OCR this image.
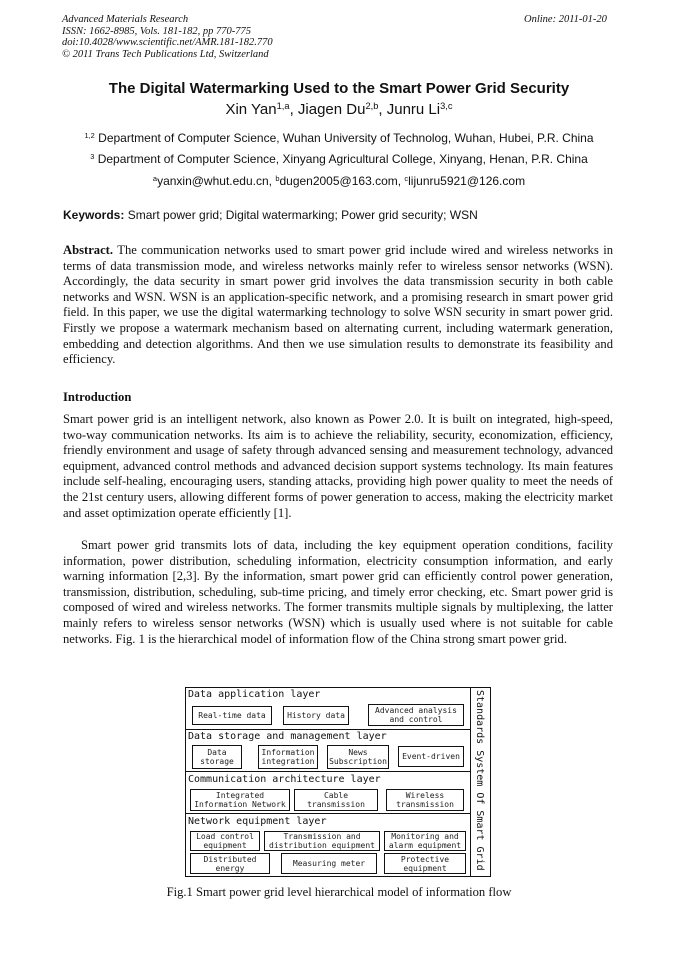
Advanced Materials Research
ISSN: 1662-8985, Vols. 181-182, pp 770-775
doi:10.4028/www.scientific.net/AMR.181-182.770
© 2011 Trans Tech Publications Ltd, Switzerland
Online: 2011-01-20
The Digital Watermarking Used to the Smart Power Grid Security
Xin Yan$^{1,a}$, Jiagen Du$^{2,b}$, Junru Li$^{3,c}$
$^{1,2}$ Department of Computer Science, Wuhan University of Technolog, Wuhan, Hubei, P.R. China
$^3$ Department of Computer Science, Xinyang Agricultural College, Xinyang, Henan, P.R. China
$^a$yanxin@whut.edu.cn, $^b$dugen2005@163.com, $^c$lijunru5921@126.com
Keywords: Smart power grid; Digital watermarking; Power grid security; WSN

Abstract. The communication networks used to smart power grid include wired and wireless networks in terms of data transmission mode, and wireless networks mainly refer to wireless sensor networks (WSN). Accordingly, the data security in smart power grid involves the data transmission security in both cable networks and WSN. WSN is an application-specific network, and a promising research in smart power grid field. In this paper, we use the digital watermarking technology to solve WSN security in smart power grid. Firstly we propose a watermark mechanism based on alternating current, including watermark generation, embedding and detection algorithms. And then we use simulation results to demonstrate its feasibility and efficiency.

Introduction

Smart power grid is an intelligent network, also known as Power 2.0. It is built on integrated, high-speed, two-way communication networks. Its aim is to achieve the reliability, security, economization, efficiency, friendly environment and usage of safety through advanced sensing and measurement technology, advanced equipment, advanced control methods and advanced decision support systems technology. Its main features include self-healing, encouraging users, standing attacks, providing high power quality to meet the needs of the 21st century users, allowing different forms of power generation to access, making the electricity market and asset optimization operate efficiently [1].

Smart power grid transmits lots of data, including the key equipment operation conditions, facility information, power distribution, scheduling information, electricity consumption information, and early warning information [2,3]. By the information, smart power grid can efficiently control power generation, transmission, distribution, scheduling, sub-time pricing, and timely error checking, etc. Smart power grid is composed of wired and wireless networks. The former transmits multiple signals by multiplexing, the latter mainly refers to wireless sensor networks (WSN) which is usually used where is not suitable for cable networks. Fig. 1 is the hierarchical model of information flow of the China strong smart power grid.

Data application layer
Real-time data	History data
Advanced analysis
and control
Data storage and management layer
Data
storage
Information
integration
News
Subscription
Event-driven
Communication architecture layer
Integrated
Information Network
Cable
transmission
Wireless
transmission
Network equipment layer
Load control
equipment
Transmission and
distribution equipment
Monitoring and
alarm equipment
Distributed
energy	Measuring meter	Protective
equipment	Standards System Of Smart Grid
Fig.1 Smart power grid level hierarchical model of information flow
